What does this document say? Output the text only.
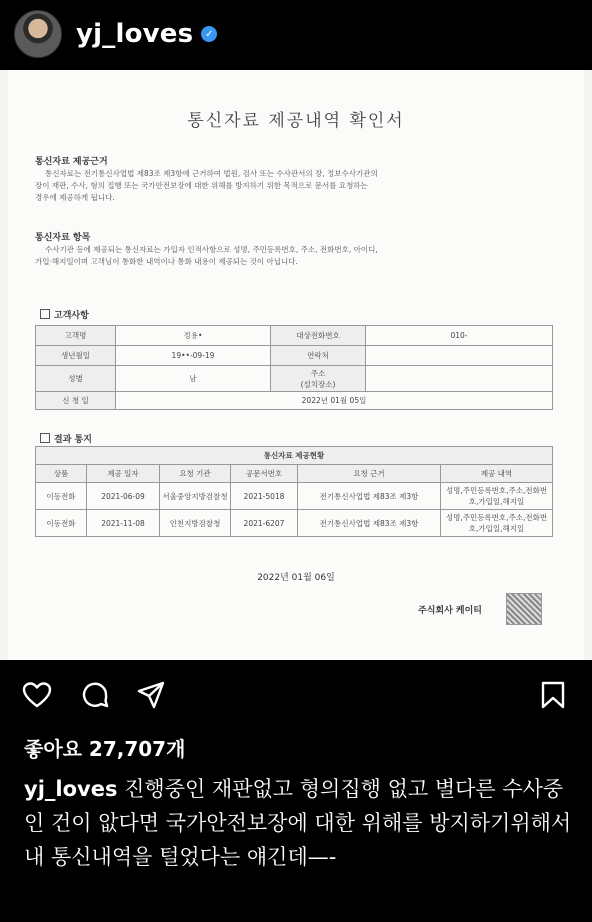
yj_loves	✓
통신자료 제공내역 확인서
통신자료 제공근거
통신자료는 전기통신사업법 제83조 제3항에 근거하여 법원, 검사 또는 수사관서의 장, 정보수사기관의
장이 재판, 수사, 형의 집행 또는 국가안전보장에 대한 위해를 방지하기 위한 목적으로 문서를 요청하는
경우에 제공하게 됩니다.
통신자료 항목
수사기관 등에 제공되는 통신자료는 가입자 인적사항으로 성명, 주민등록번호, 주소, 전화번호, 아이디,
가입·해지일이며 고객님이 통화한 내역이나 통화 내용이 제공되는 것이 아닙니다.
고객사항
고객명	정용•	대상전화번호	010-
생년월일	19••-09-19	연락처	
성별	남	주소
(설치장소)	

신 청 일	2022년 01월 05일		
결과 통지
통신자료 제공현황					
상품	제공 일자	요청 기관	공문서번호	요청 근거	제공 내역
이동전화	2021-06-09	서울중앙지방검찰청	2021-5018	전기통신사업법 제83조 제3항	성명,주민등록번호,주소,전화번호,가입일,해지일
이동전화	2021-11-08	인천지방검찰청	2021-6207	전기통신사업법 제83조 제3항	성명,주민등록번호,주소,전화번호,가입일,해지일
2022년 01월 06일
주식회사 케이티
좋아요 27,707개
yj_loves 진행중인 재판없고 형의집행 없고 별다른 수사중인 건이 앖다면 국가안전보장에 대한 위해를 방지하기위해서 내 통신내역을 털었다는 얘긴데—-
